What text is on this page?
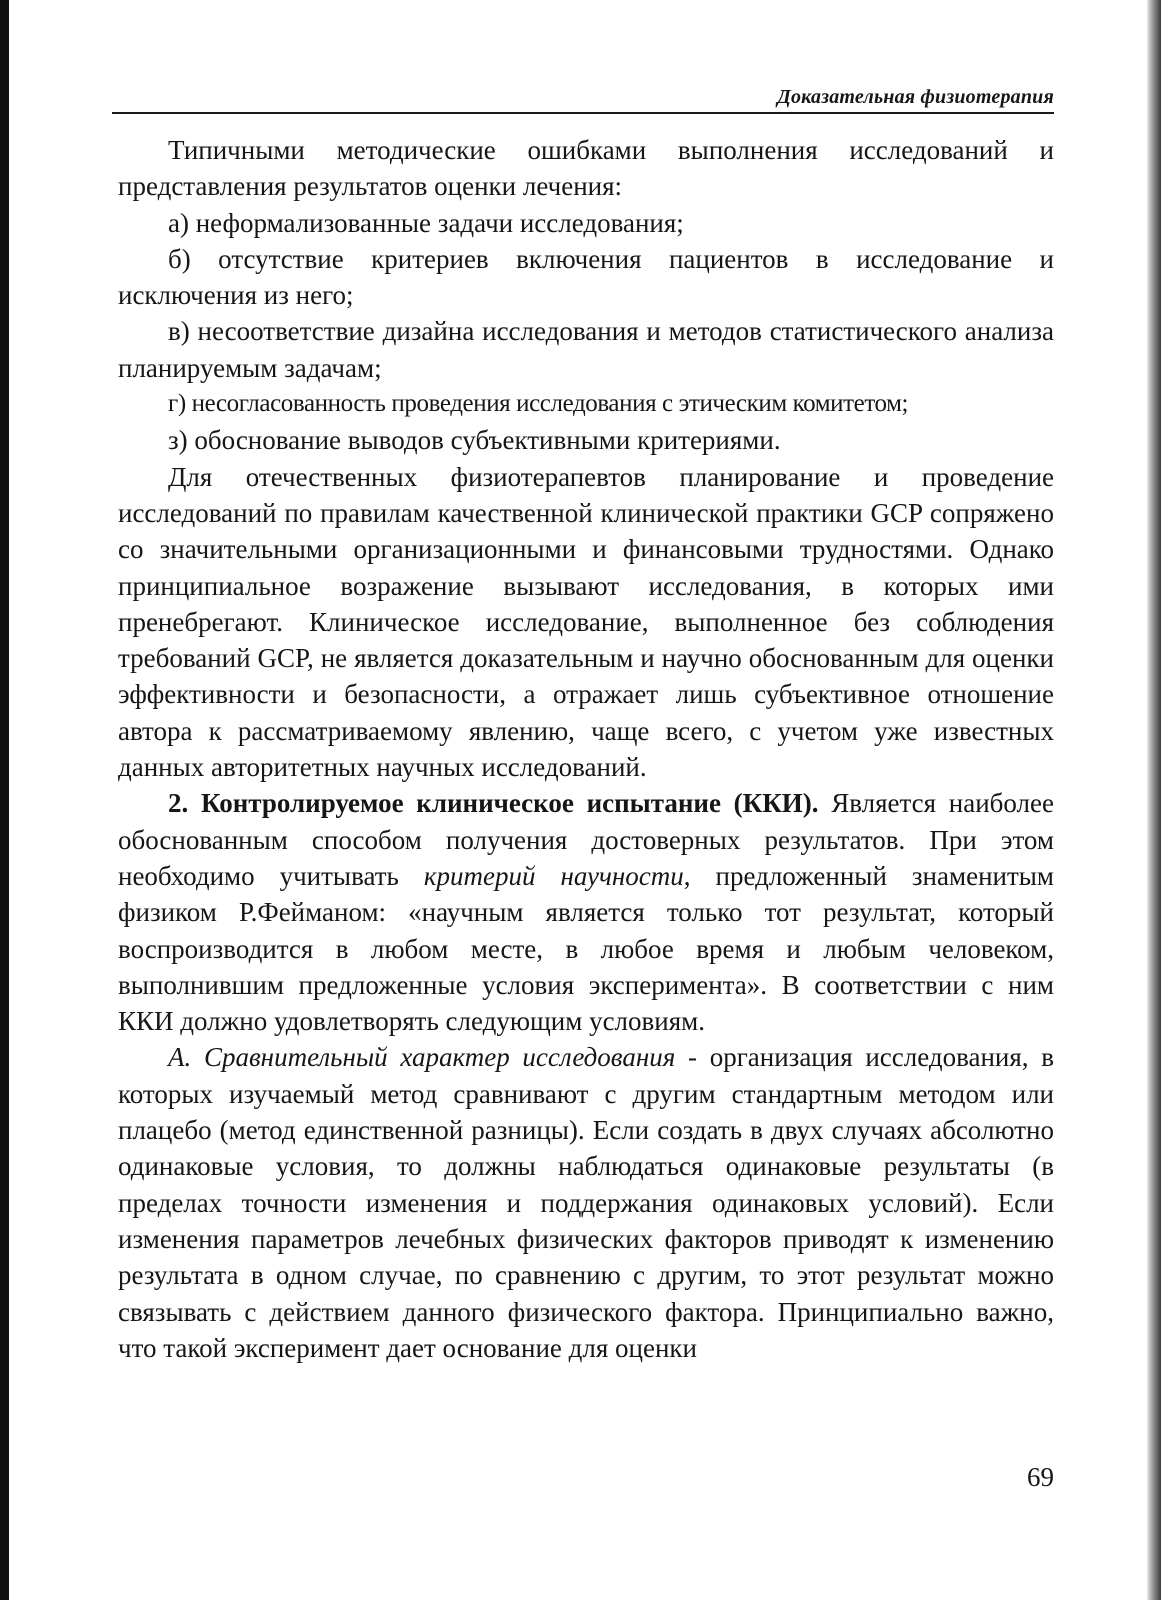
Доказательная физиотерапия

Типичными методические ошибками выполнения исследований и представления результатов оценки лечения:

а) неформализованные задачи исследования;

б) отсутствие критериев включения пациентов в исследование и исключения из него;

в) несоответствие дизайна исследования и методов статистического анализа планируемым задачам;

г) несогласованность проведения исследования с этическим комитетом;

з) обоснование выводов субъективными критериями.

Для отечественных физиотерапевтов планирование и проведение исследований по правилам качественной клинической практики GCP сопряжено со значительными организационными и финансовыми трудностями. Однако принципиальное возражение вызывают исследования, в которых ими пренебрегают. Клиническое исследование, выполненное без соблюдения требований GCP, не является доказательным и научно обоснованным для оценки эффективности и безопасности, а отражает лишь субъективное отношение автора к рассматриваемому явлению, чаще всего, с учетом уже известных данных авторитетных научных исследований.

2. Контролируемое клиническое испытание (ККИ). Является наиболее обоснованным способом получения достоверных результатов. При этом необходимо учитывать критерий научности, предложенный знаменитым физиком Р.Фейманом: «научным является только тот результат, который воспроизводится в любом месте, в любое время и любым человеком, выполнившим предложенные условия эксперимента». В соответствии с ним ККИ должно удовлетворять следующим условиям.

А. Сравнительный характер исследования - организация исследования, в которых изучаемый метод сравнивают с другим стандартным методом или плацебо (метод единственной разницы). Если создать в двух случаях абсолютно одинаковые условия, то должны наблюдаться одинаковые результаты (в пределах точности изменения и поддержания одинаковых условий). Если изменения параметров лечебных физических факторов приводят к изменению результата в одном случае, по сравнению с другим, то этот результат можно связывать с действием данного физического фактора. Принципиально важно, что такой эксперимент дает основание для оценки

69
